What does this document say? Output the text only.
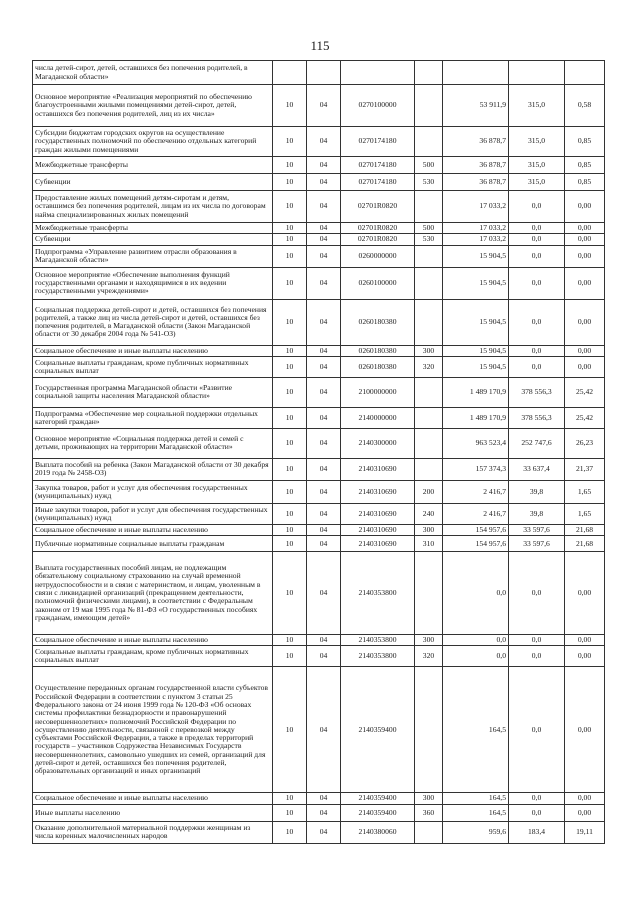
115
числа детей-сирот, детей, оставшихся без попечения родителей, в Магаданской области»							
Основное мероприятие «Реализация мероприятий по обеспечению благоустроенными жилыми помещениями детей-сирот, детей, оставшихся без попечения родителей, лиц из их числа»	10	04	0270100000		53 911,9	315,0	0,58
Субсидии бюджетам городских округов на осуществление государственных полномочий по обеспечению отдельных категорий граждан жилыми помещениями	10	04	0270174180		36 878,7	315,0	0,85
Межбюджетные трансферты	10	04	0270174180	500	36 878,7	315,0	0,85
Субвенции	10	04	0270174180	530	36 878,7	315,0	0,85
Предоставление жилых помещений детям-сиротам и детям, оставшимся без попечения родителей, лицам из их числа по договорам найма специализированных жилых помещений	10	04	02701R0820		17 033,2	0,0	0,00
Межбюджетные трансферты	10	04	02701R0820	500	17 033,2	0,0	0,00
Субвенции	10	04	02701R0820	530	17 033,2	0,0	0,00
Подпрограмма «Управление развитием отрасли образования в Магаданской области»	10	04	0260000000		15 904,5	0,0	0,00
Основное мероприятие «Обеспечение выполнения функций государственными органами и находящимися в их ведении государственными учреждениями»	10	04	0260100000		15 904,5	0,0	0,00
Социальная поддержка детей-сирот и детей, оставшихся без попечения родителей, а также лиц из числа детей-сирот и детей, оставшихся без попечения родителей, в Магаданской области (Закон Магаданской области от 30 декабря 2004 года № 541-ОЗ)	10	04	0260180380		15 904,5	0,0	0,00
Социальное обеспечение и иные выплаты населению	10	04	0260180380	300	15 904,5	0,0	0,00
Социальные выплаты гражданам, кроме публичных нормативных социальных выплат	10	04	0260180380	320	15 904,5	0,0	0,00
Государственная программа Магаданской области «Развитие социальной защиты населения Магаданской области»	10	04	2100000000		1 489 170,9	378 556,3	25,42
Подпрограмма «Обеспечение мер социальной поддержки отдельных категорий граждан»	10	04	2140000000		1 489 170,9	378 556,3	25,42
Основное мероприятие «Социальная поддержка детей и семей с детьми, проживающих на территории Магаданской области»	10	04	2140300000		963 523,4	252 747,6	26,23
Выплата пособий на ребенка (Закон Магаданской области от 30 декабря 2019 года № 2458-ОЗ)	10	04	2140310690		157 374,3	33 637,4	21,37
Закупка товаров, работ и услуг для обеспечения государственных (муниципальных) нужд	10	04	2140310690	200	2 416,7	39,8	1,65
Иные закупки товаров, работ и услуг для обеспечения государственных (муниципальных) нужд	10	04	2140310690	240	2 416,7	39,8	1,65
Социальное обеспечение и иные выплаты населению	10	04	2140310690	300	154 957,6	33 597,6	21,68
Публичные нормативные социальные выплаты гражданам	10	04	2140310690	310	154 957,6	33 597,6	21,68
Выплата государственных пособий лицам, не подлежащим обязательному социальному страхованию на случай временной нетрудоспособности и в связи с материнством, и лицам, уволенным в связи с ликвидацией организаций (прекращением деятельности, полномочий физическими лицами), в соответствии с Федеральным законом от 19 мая 1995 года № 81-ФЗ «О государственных пособиях гражданам, имеющим детей»	10	04	2140353800		0,0	0,0	0,00
Социальное обеспечение и иные выплаты населению	10	04	2140353800	300	0,0	0,0	0,00
Социальные выплаты гражданам, кроме публичных нормативных социальных выплат	10	04	2140353800	320	0,0	0,0	0,00
Осуществление переданных органам государственной власти субъектов Российской Федерации в соответствии с пунктом 3 статьи 25 Федерального закона от 24 июня 1999 года № 120-ФЗ «Об основах системы профилактики безнадзорности и правонарушений несовершеннолетних» полномочий Российской Федерации по осуществлению деятельности, связанной с перевозкой между субъектами Российской Федерации, а также в пределах территорий государств – участников Содружества Независимых Государств несовершеннолетних, самовольно ушедших из семей, организаций для детей-сирот и детей, оставшихся без попечения родителей, образовательных организаций и иных организаций	10	04	2140359400		164,5	0,0	0,00
Социальное обеспечение и иные выплаты населению	10	04	2140359400	300	164,5	0,0	0,00
Иные выплаты населению	10	04	2140359400	360	164,5	0,0	0,00
Оказание дополнительной материальной поддержки женщинам из числа коренных малочисленных народов	10	04	2140380060		959,6	183,4	19,11
